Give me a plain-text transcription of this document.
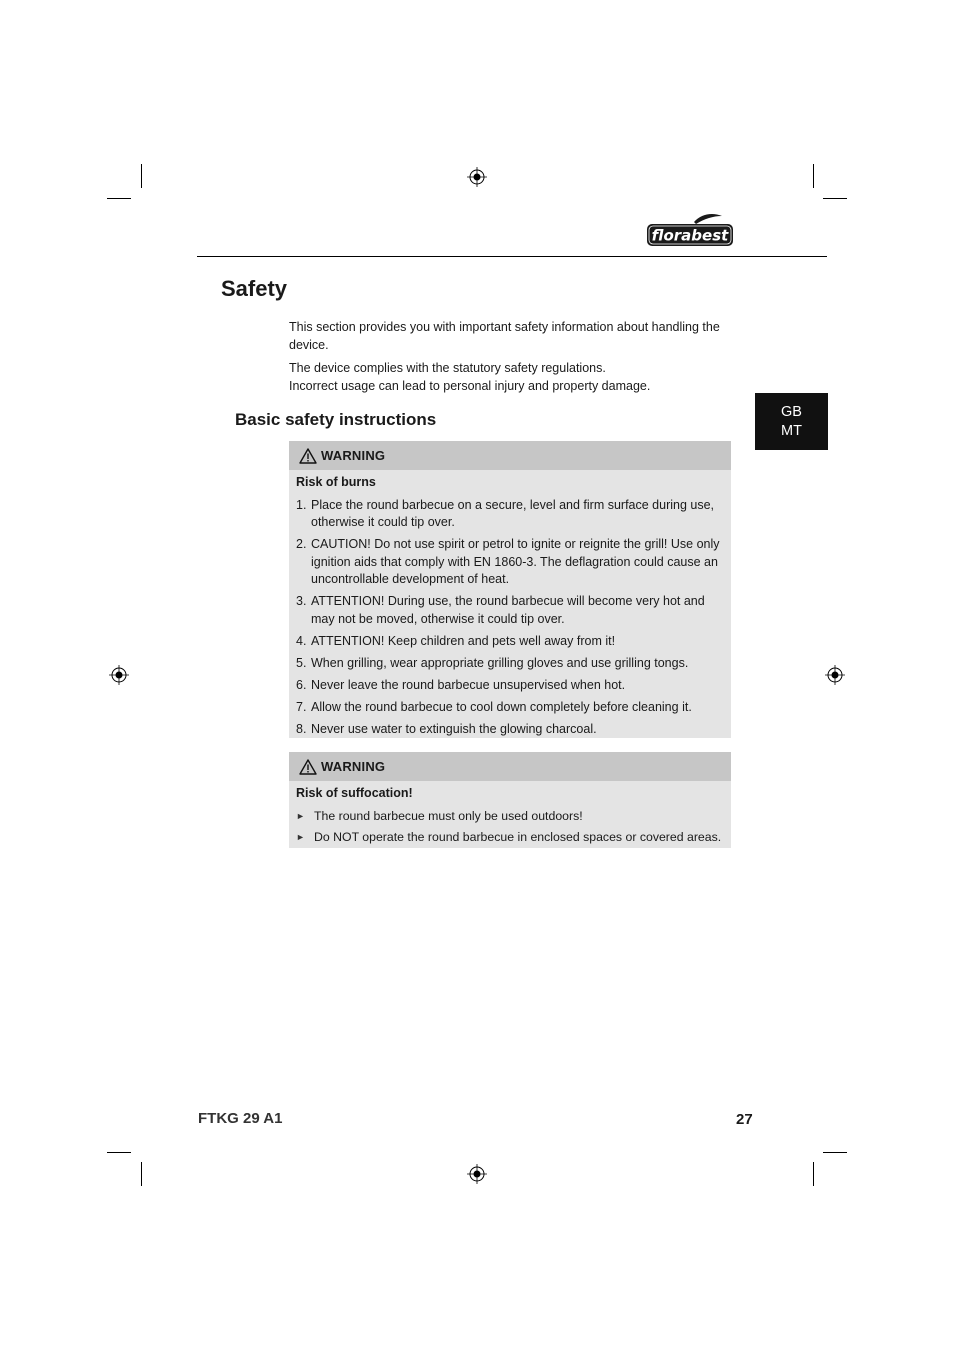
florabest
Safety

This section provides you with important safety information about handling the device.

The device complies with the statutory safety regulations.
Incorrect usage can lead to personal injury and property damage.

Basic safety instructions	GB
MT
WARNING

Risk of burns

1. Place the round barbecue on a secure, level and firm surface during use, otherwise it could tip over.
2. CAUTION! Do not use spirit or petrol to ignite or reignite the grill! Use only ignition aids that comply with EN 1860-3. The deflagration could cause an uncontrollable development of heat.
3. ATTENTION! During use, the round barbecue will become very hot and may not be moved, otherwise it could tip over.
4. ATTENTION! Keep children and pets well away from it!
5. When grilling, wear appropriate grilling gloves and use grilling tongs.
6. Never leave the round barbecue unsupervised when hot.
7. Allow the round barbecue to cool down completely before cleaning it.
8. Never use water to extinguish the glowing charcoal.
WARNING

Risk of suffocation!

► The round barbecue must only be used outdoors!
► Do NOT operate the round barbecue in enclosed spaces or covered areas.
FTKG 29 A1	27
